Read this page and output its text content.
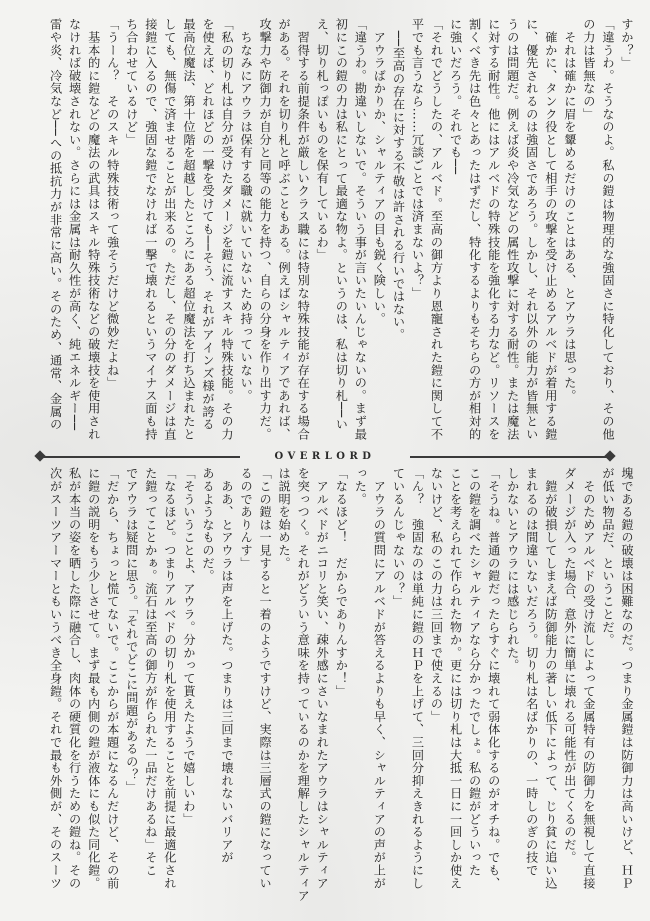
すか？」
「違うわ。そうなのよ。私の鎧は物理的な強固さに特化しており、その他
の力は皆無なの」
　それは確かに眉を顰めるだけのことはある、とアウラは思った。
　確かに、タンク役として相手の攻撃を受け止めるアルベドが着用する鎧
に、優先されるのは強固さであろう。しかし、それ以外の能力が皆無とい
うのは問題だ。例えば炎や冷気などの属性攻撃に対する耐性。または魔法
に対する耐性。他にはアルベドの特殊技能を強化する力など。リソースを
割くべき先は色々とあったはずだし、特化するよりもそちらの方が相対的
に強いだろう。それでも──
「それでどうしたの、アルベド。至高の御方より恩寵された鎧に関して不
平でも言うなら……冗談ごとでは済まないよ？」
　──至高の存在に対する不敬は許される行いではない。
　アウラばかりか、シャルティアの目も鋭く険しい。
「違うわ。勘違いしないで。そういう事が言いたいんじゃないの。まず最
初にこの鎧の力は私にとって最適な物よ。というのは、私は切り札──い
え、切り札っぽいものを保有しているわ」
　習得する前提条件が厳しいクラス職には特別な特殊技能が存在する場合
がある。それを切り札と呼ぶこともある。例えばシャルティアであれば、
攻撃力や防御力が自分と同等の能力を持つ、自らの分身を作り出す力だ。
　ちなみにアウラは保有する職に就いていないため持っていない。
「私の切り札は自分が受けたダメージを鎧に流すスキル特殊技能。その力
を使えば、どれほどの一撃を受けても──そう、それがアインズ様が誇る
最高位魔法、第十位階を超越したところにある超位魔法を打ち込まれたと
しても、無傷で済ませることが出来るの。ただし、その分のダメージは直
接鎧に入るので、強固な鎧でなければ一撃で壊れるというマイナス面も持
ち合わせているけど」
「うーん？　そのスキル特殊技術って強そうだけど微妙だよね」
　基本的に鎧などの魔法の武具はスキル特殊技術などの破壊技を使用され
なければ破壊されない。さらには金属は耐久性が高く、純エネルギー──
雷や炎、冷気など──への抵抗力が非常に高い。そのため、通常、金属の
OVERLORD
塊である鎧の破壊は困難なのだ。つまり金属鎧は防御力は高いけど、ＨＰ
が低い物品だ、ということだ。
　そのためアルベドの受け流しによって金属特有の防御力を無視して直接
ダメージが入った場合、意外に簡単に壊れる可能性が出てくるのだ。
　鎧が破損してしまえば防御能力の著しい低下によって、じり貧に追い込
まれるのは間違いないだろう。切り札は名ばかりの、一時しのぎの技で
しかないとアウラには感じられた。
「そうね。普通の鎧だったらすぐに壊れて弱体化するのがオチね。でも、
この鎧を調べたシャルティアなら分かったでしょ。私の鎧がどういった
ことを考えられて作られた物か。更には切り札は大抵一日に一回しか使え
ないけど、私のこの力は三回まで使えるの」
「ん？　強固なのは単純に鎧のＨＰを上げて、三回分抑えきれるようにし
ているんじゃないの？」
　アウラの質問にアルベドが答えるよりも早く、シャルティアの声が上が
った。
「なるほど！　だからでありんすか！」
　アルベドがニコリと笑い、疎外感にさいなまれたアウラはシャルティア
を突っつく。それがどういう意味を持っているのかを理解したシャルティア
は説明を始めた。
「この鎧は一見すると一着のようですけど、実際は三層式の鎧になってい
るのでありんす」
　ああ、とアウラは声を上げた。つまりは三回まで壊れないバリアが
あるようなものだ。
「そういうことよ、アウラ。分かって貰えたようで嬉しいわ」
「なるほど。つまりアルベドの切り札を使用することを前提に最適化され
た鎧ってことかぁ。流石は至高の御方が作られた一品だけあるね」そこ
でアウラは疑問に思う。「それでどこに問題があるの？」
「だから、ちょっと慌てないで。ここからが本題になるんだけど、その前
に鎧の説明をもう少しさせて。まず最も内側の鎧が液体にも似た同化鎧。
私が本当の姿を晒した際に融合し、肉体の硬質化を行うための鎧ね。その
次がスーツアーマーともいうべき全身鎧。それで最も外側が、そのスーツ
